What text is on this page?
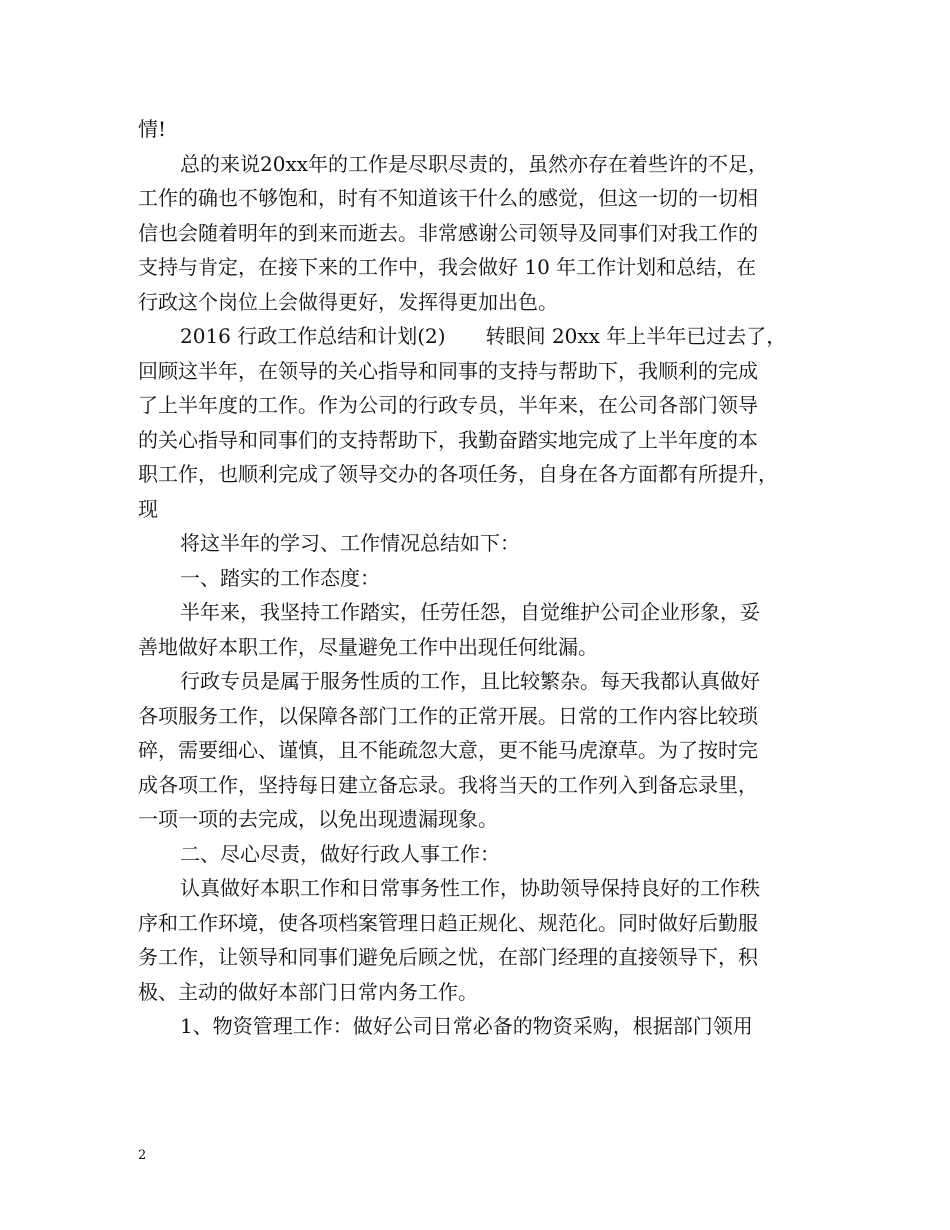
情!
总的来说20xx年的工作是尽职尽责的，虽然亦存在着些许的不足，
工作的确也不够饱和，时有不知道该干什么的感觉，但这一切的一切相
信也会随着明年的到来而逝去。非常感谢公司领导及同事们对我工作的
支持与肯定，在接下来的工作中，我会做好 10 年工作计划和总结，在
行政这个岗位上会做得更好，发挥得更加出色。
2016 行政工作总结和计划(2)　　转眼间 20xx 年上半年已过去了，
回顾这半年，在领导的关心指导和同事的支持与帮助下，我顺利的完成
了上半年度的工作。作为公司的行政专员，半年来，在公司各部门领导
的关心指导和同事们的支持帮助下，我勤奋踏实地完成了上半年度的本
职工作，也顺利完成了领导交办的各项任务，自身在各方面都有所提升，
现
将这半年的学习、工作情况总结如下：
一、踏实的工作态度：
半年来，我坚持工作踏实，任劳任怨，自觉维护公司企业形象，妥
善地做好本职工作，尽量避免工作中出现任何纰漏。
行政专员是属于服务性质的工作，且比较繁杂。每天我都认真做好
各项服务工作，以保障各部门工作的正常开展。日常的工作内容比较琐
碎，需要细心、谨慎，且不能疏忽大意，更不能马虎潦草。为了按时完
成各项工作，坚持每日建立备忘录。我将当天的工作列入到备忘录里，
一项一项的去完成，以免出现遗漏现象。
二、尽心尽责，做好行政人事工作：
认真做好本职工作和日常事务性工作，协助领导保持良好的工作秩
序和工作环境，使各项档案管理日趋正规化、规范化。同时做好后勤服
务工作，让领导和同事们避免后顾之忧，在部门经理的直接领导下，积
极、主动的做好本部门日常内务工作。
1、物资管理工作：做好公司日常必备的物资采购，根据部门领用
2
